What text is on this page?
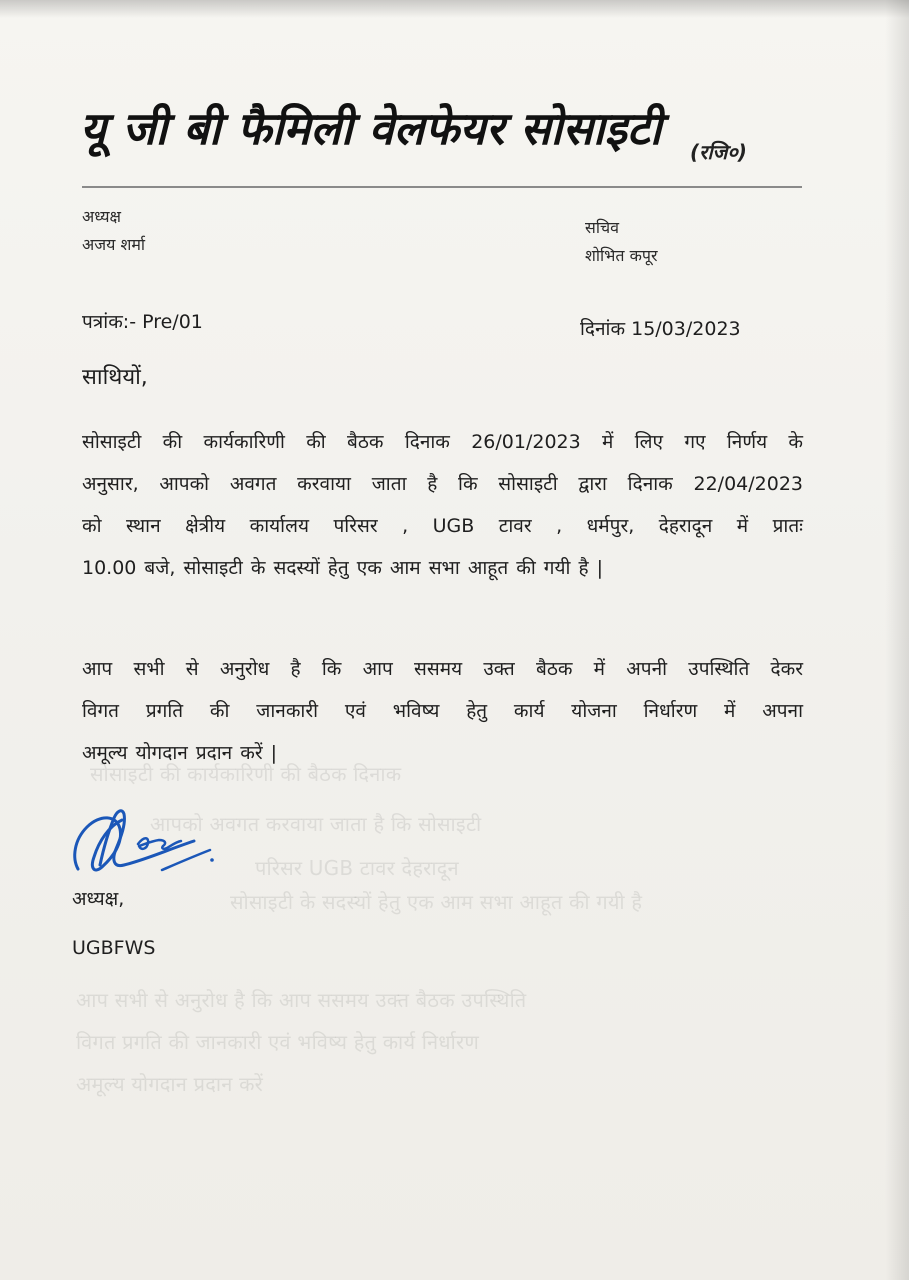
सोसाइटी की कार्यकारिणी की बैठक दिनाक
आपको अवगत करवाया जाता है कि सोसाइटी
परिसर UGB टावर देहरादून
सोसाइटी के सदस्यों हेतु एक आम सभा आहूत की गयी है
आप सभी से अनुरोध है कि आप ससमय उक्त बैठक उपस्थिति
विगत प्रगति की जानकारी एवं भविष्य हेतु कार्य निर्धारण
अमूल्य योगदान प्रदान करें
यू जी बी फैमिली वेलफेयर सोसाइटी (रजि०)
अध्यक्ष
अजय शर्मा
सचिव
शोभित कपूर
पत्रांक:- Pre/01	दिनांक 15/03/2023
साथियों,
सोसाइटी की कार्यकारिणी की बैठक दिनाक 26/01/2023 में लिए गए निर्णय के
अनुसार, आपको अवगत करवाया जाता है कि सोसाइटी द्वारा दिनाक 22/04/2023
को स्थान क्षेत्रीय कार्यालय परिसर , UGB टावर , धर्मपुर, देहरादून में प्रातः
10.00 बजे, सोसाइटी के सदस्यों हेतु एक आम सभा आहूत की गयी है |
आप सभी से अनुरोध है कि आप ससमय उक्त बैठक में अपनी उपस्थिति देकर
विगत प्रगति की जानकारी एवं भविष्य हेतु कार्य योजना निर्धारण में अपना
अमूल्य योगदान प्रदान करें |
अध्यक्ष,
UGBFWS
